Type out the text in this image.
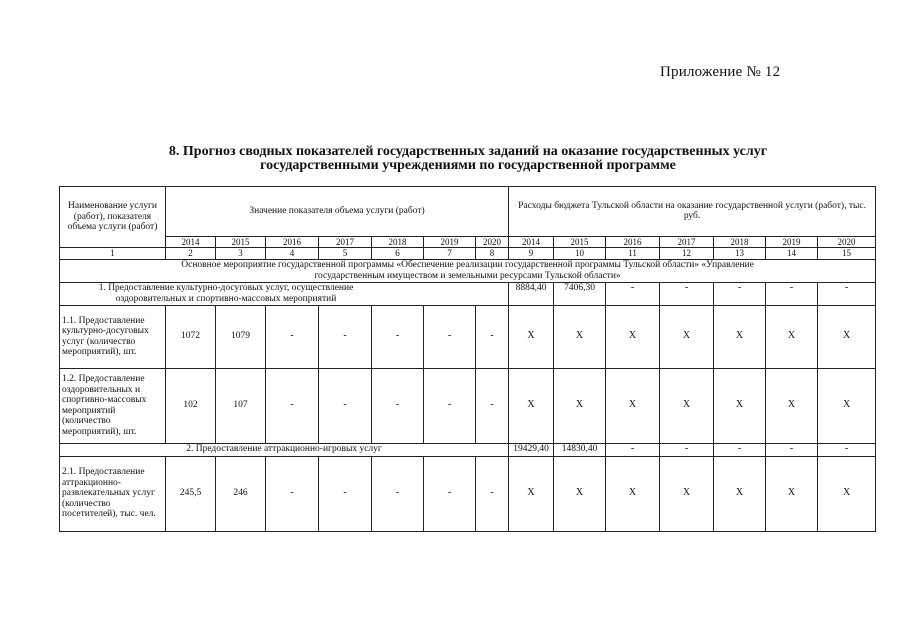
Приложение № 12
8. Прогноз сводных показателей государственных заданий на оказание государственных услуг
государственными учреждениями по государственной программе
Наименование услуги (работ), показателя объема услуги (работ)	Значение показателя объема услуги (работ)							Расходы бюджета Тульской области на оказание государственной услуги (работ), тыс. руб.						
	2014	2015	2016	2017	2018	2019	2020	2014	2015	2016	2017	2018	2019	2020
1	2	3	4	5	6	7	8	9	10	11	12	13	14	15
Основное мероприятие государственной программы «Обеспечение реализации государственной программы Тульской области» «Управление государственным имуществом и земельными ресурсами Тульской области»														
1. Предоставление культурно-досуговых услуг, осуществление оздоровительных и спортивно-массовых мероприятий								8884,40	7406,30	-	-	-	-	-
1.1. Предоставление культурно-досуговых услуг (количество мероприятий), шт.	1072	1079	-	-	-	-	-	X	X	X	X	X	X	X
1.2. Предоставление оздоровительных и спортивно-массовых мероприятий (количество мероприятий), шт.	102	107	-	-	-	-	-	X	X	X	X	X	X	X
2. Предоставление аттракционно-игровых услуг								19429,40	14830,40	-	-	-	-	-
2.1. Предоставление аттракционно-развлекательных услуг (количество посетителей), тыс. чел.	245,5	246	-	-	-	-	-	X	X	X	X	X	X	X
